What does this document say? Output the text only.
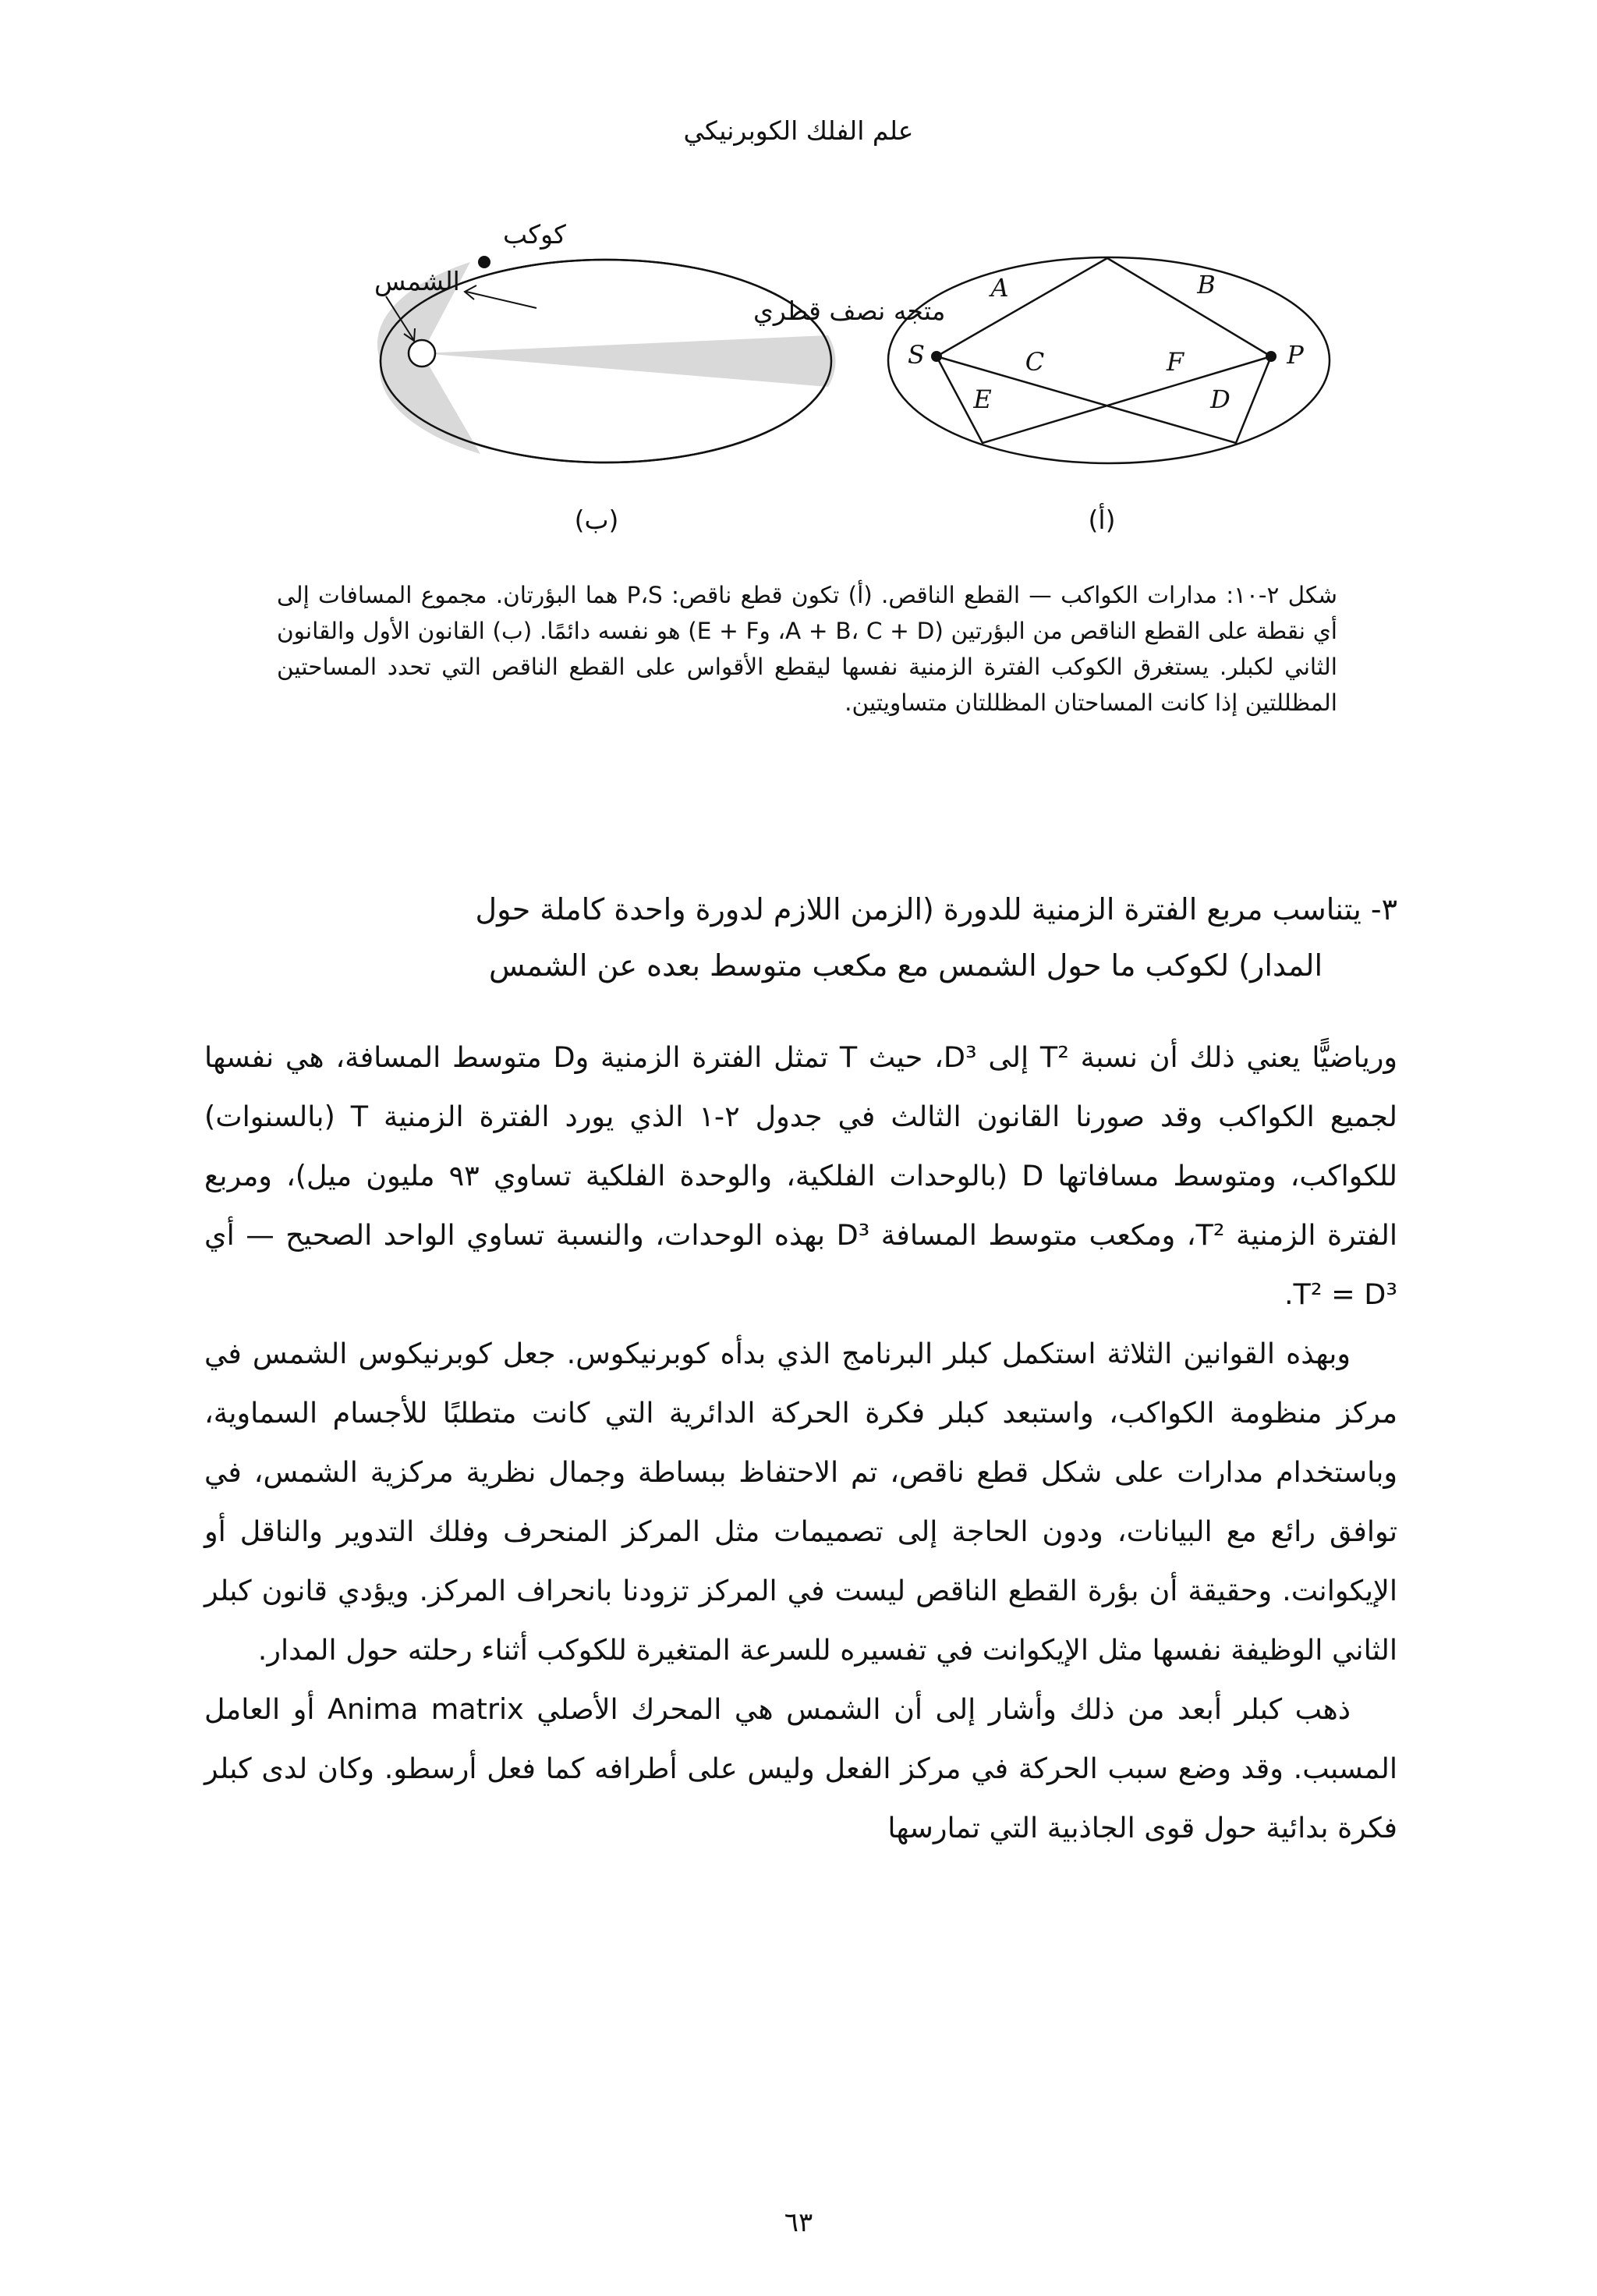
علم الفلك الكوبرنيكي
كوكب
الشمس
متجه نصف قطري
(ب)
A	B
C	F
E	D
S	P
(أ)

شكل ٢-١٠: مدارات الكواكب — القطع الناقص. (أ) تكون قطع ناقص: P،S هما البؤرتان. مجموع المسافات إلى أي نقطة على القطع الناقص من البؤرتين (A + B، C + D، وE + F) هو نفسه دائمًا. (ب) القانون الأول والقانون الثاني لكبلر. يستغرق الكوكب الفترة الزمنية نفسها ليقطع الأقواس على القطع الناقص التي تحدد المساحتين المظللتين إذا كانت المساحتان المظللتان متساويتين.

٣- يتناسب مربع الفترة الزمنية للدورة (الزمن اللازم لدورة واحدة كاملة حول
المدار) لكوكب ما حول الشمس مع مكعب متوسط بعده عن الشمس

ورياضيًّا يعني ذلك أن نسبة T² إلى D³، حيث T تمثل الفترة الزمنية وD متوسط المسافة، هي نفسها لجميع الكواكب وقد صورنا القانون الثالث في جدول ٢-١ الذي يورد الفترة الزمنية T (بالسنوات) للكواكب، ومتوسط مسافاتها D (بالوحدات الفلكية، والوحدة الفلكية تساوي ٩٣ مليون ميل)، ومربع الفترة الزمنية T²، ومكعب متوسط المسافة D³ بهذه الوحدات، والنسبة تساوي الواحد الصحيح — أي T² = D³.

وبهذه القوانين الثلاثة استكمل كبلر البرنامج الذي بدأه كوبرنيكوس. جعل كوبرنيكوس الشمس في مركز منظومة الكواكب، واستبعد كبلر فكرة الحركة الدائرية التي كانت متطلبًا للأجسام السماوية، وباستخدام مدارات على شكل قطع ناقص، تم الاحتفاظ ببساطة وجمال نظرية مركزية الشمس، في توافق رائع مع البيانات، ودون الحاجة إلى تصميمات مثل المركز المنحرف وفلك التدوير والناقل أو الإيكوانت. وحقيقة أن بؤرة القطع الناقص ليست في المركز تزودنا بانحراف المركز. ويؤدي قانون كبلر الثاني الوظيفة نفسها مثل الإيكوانت في تفسيره للسرعة المتغيرة للكوكب أثناء رحلته حول المدار.

ذهب كبلر أبعد من ذلك وأشار إلى أن الشمس هي المحرك الأصلي Anima matrix أو العامل المسبب. وقد وضع سبب الحركة في مركز الفعل وليس على أطرافه كما فعل أرسطو. وكان لدى كبلر فكرة بدائية حول قوى الجاذبية التي تمارسها

٦٣
